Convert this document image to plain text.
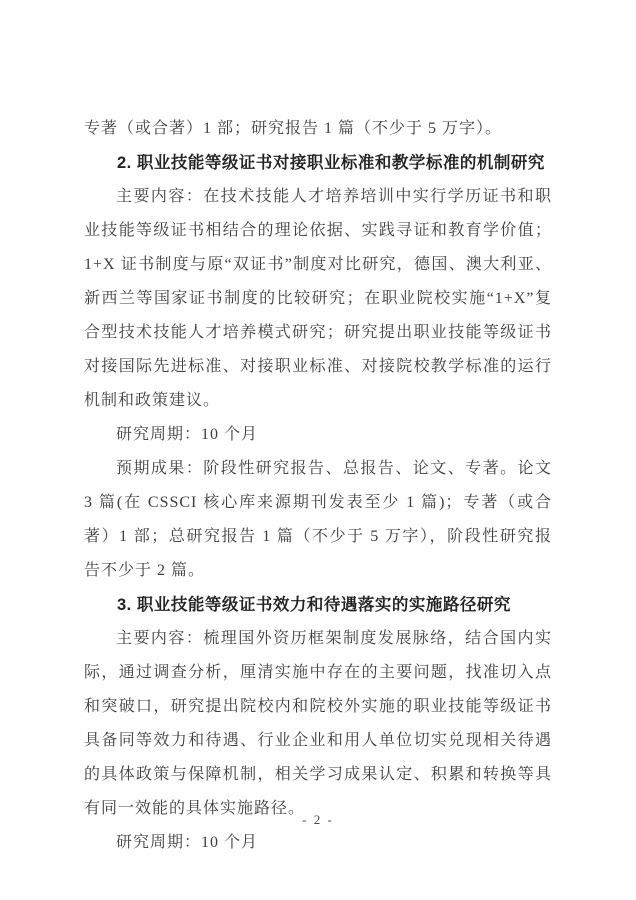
专著（或合著）1 部；研究报告 1 篇（不少于 5 万字）。

2. 职业技能等级证书对接职业标准和教学标准的机制研究

主要内容：在技术技能人才培养培训中实行学历证书和职业技能等级证书相结合的理论依据、实践寻证和教育学价值；1+X 证书制度与原“双证书”制度对比研究，德国、澳大利亚、新西兰等国家证书制度的比较研究；在职业院校实施“1+X”复合型技术技能人才培养模式研究；研究提出职业技能等级证书对接国际先进标准、对接职业标准、对接院校教学标准的运行机制和政策建议。

研究周期：10 个月

预期成果：阶段性研究报告、总报告、论文、专著。论文 3 篇(在 CSSCI 核心库来源期刊发表至少 1 篇)；专著（或合著）1 部；总研究报告 1 篇（不少于 5 万字），阶段性研究报告不少于 2 篇。

3. 职业技能等级证书效力和待遇落实的实施路径研究

主要内容：梳理国外资历框架制度发展脉络，结合国内实际，通过调查分析，厘清实施中存在的主要问题，找准切入点和突破口，研究提出院校内和院校外实施的职业技能等级证书具备同等效力和待遇、行业企业和用人单位切实兑现相关待遇的具体政策与保障机制，相关学习成果认定、积累和转换等具有同一效能的具体实施路径。

研究周期：10 个月

- 2 -
